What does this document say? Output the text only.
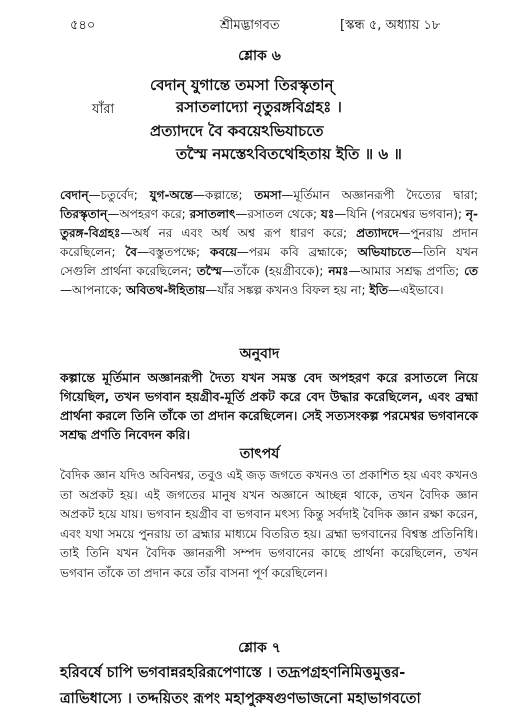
৫৪০	শ্রীমদ্ভাগবত	[স্কন্ধ ৫, অধ্যায় ১৮
শ্লোক ৬
যাঁরা
বেদান্ যুগান্তে তমসা তিরস্কৃতান্
রসাতলাদ্যো নৃতুরঙ্গবিগ্রহঃ ।
প্রত্যাদদে বৈ কবয়েঽভিযাচতে
তস্মৈ নমস্তেঽবিতথেহিতায় ইতি ॥ ৬ ॥
বেদান্—চতুর্বেদ; যুগ-অন্তে—কল্পান্তে; তমসা—মূর্তিমান অজ্ঞানরূপী দৈত্যের দ্বারা; তিরস্কৃতান্—অপহরণ করে; রসাতলাৎ—রসাতল থেকে; যঃ—যিনি (পরমেশ্বর ভগবান); নৃ-তুরঙ্গ-বিগ্রহঃ—অর্ধ নর এবং অর্ধ অশ্ব রূপ ধারণ করে; প্রত্যাদদে—পুনরায় প্রদান করেছিলেন; বৈ—বস্তুতপক্ষে; কবয়ে—পরম কবি ব্রহ্মাকে; অভিযাচতে—তিনি যখন সেগুলি প্রার্থনা করেছিলেন; তস্মৈ—তাঁকে (হয়গ্রীবকে); নমঃ—আমার সশ্রদ্ধ প্রণতি; তে—আপনাকে; অবিতথ-ঈহিতায়—যাঁর সঙ্কল্প কখনও বিফল হয় না; ইতি—এইভাবে।
অনুবাদ
কল্পান্তে মূর্তিমান অজ্ঞানরূপী দৈত্য যখন সমস্ত বেদ অপহরণ করে রসাতলে নিয়ে গিয়েছিল, তখন ভগবান হয়গ্রীব-মূর্তি প্রকট করে বেদ উদ্ধার করেছিলেন, এবং ব্রহ্মা প্রার্থনা করলে তিনি তাঁকে তা প্রদান করেছিলেন। সেই সত্যসংকল্প পরমেশ্বর ভগবানকে সশ্রদ্ধ প্রণতি নিবেদন করি।
তাৎপর্য
বৈদিক জ্ঞান যদিও অবিনশ্বর, তবুও এই জড় জগতে কখনও তা প্রকাশিত হয় এবং কখনও তা অপ্রকট হয়। এই জগতের মানুষ যখন অজ্ঞানে আচ্ছন্ন থাকে, তখন বৈদিক জ্ঞান অপ্রকট হয়ে যায়। ভগবান হয়গ্রীব বা ভগবান মৎস্য কিন্তু সর্বদাই বৈদিক জ্ঞান রক্ষা করেন, এবং যথা সময়ে পুনরায় তা ব্রহ্মার মাধ্যমে বিতরিত হয়। ব্রহ্মা ভগবানের বিশ্বস্ত প্রতিনিধি। তাই তিনি যখন বৈদিক জ্ঞানরূপী সম্পদ ভগবানের কাছে প্রার্থনা করেছিলেন, তখন ভগবান তাঁকে তা প্রদান করে তাঁর বাসনা পূর্ণ করেছিলেন।
শ্লোক ৭
হরিবর্ষে চাপি ভগবান্নরহরিরূপেণাস্তে । তদ্রূপগ্রহণনিমিত্তমুত্তর-
ত্রাভিধাস্যে । তদ্দয়িতং রূপং মহাপুরুষগুণভাজনো মহাভাগবতো
